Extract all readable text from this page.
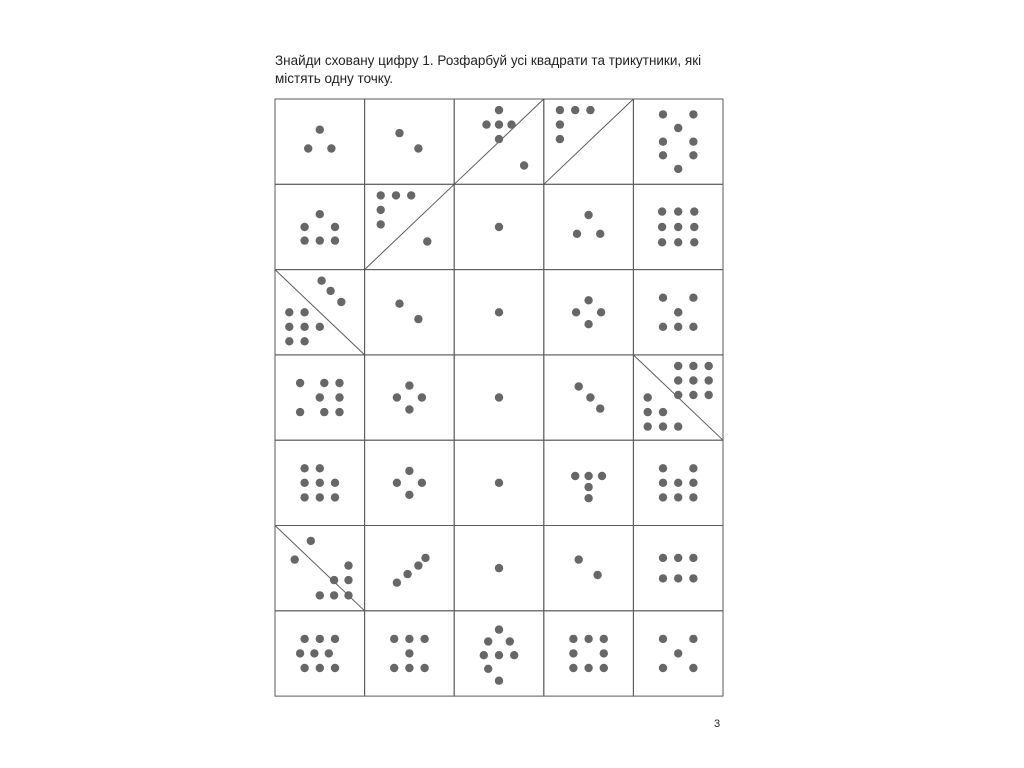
Знайди сховану цифру 1. Розфарбуй усі квадрати та трикутники, які
містять одну точку.
3
